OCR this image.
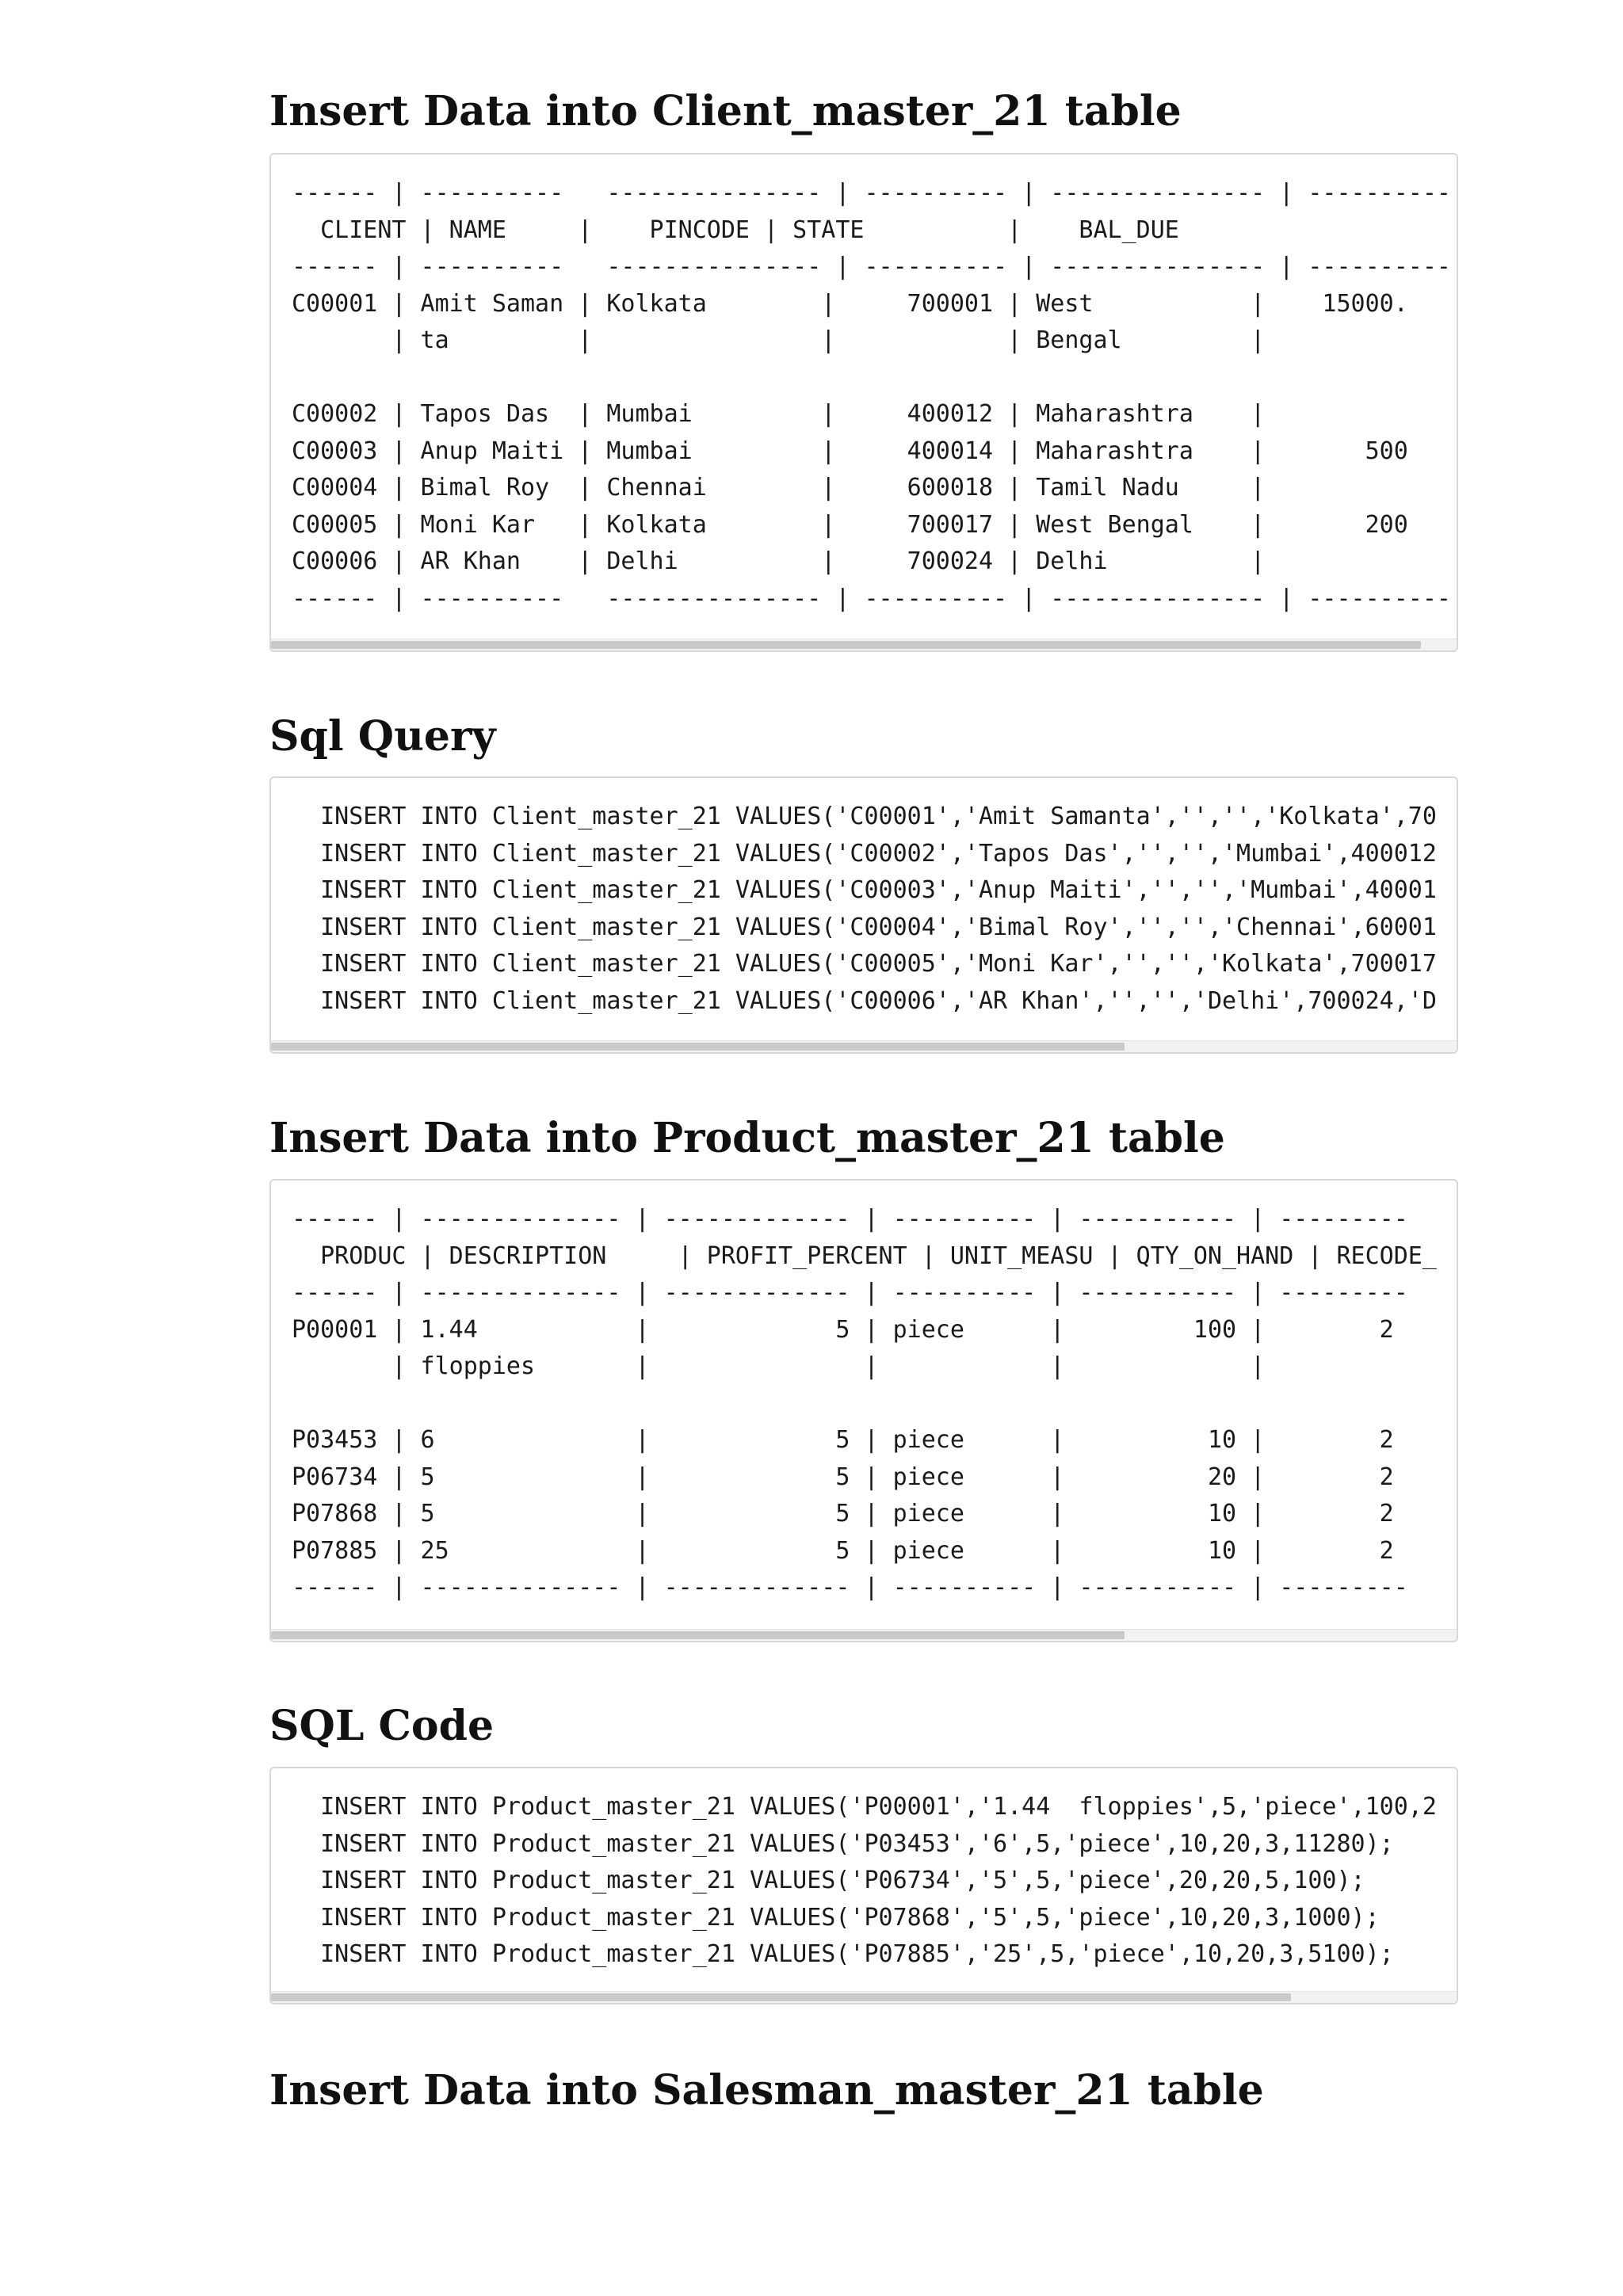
Insert Data into Client_master_21 table
------ | ----------   --------------- | ---------- | --------------- | ----------
CLIENT | NAME     |    PINCODE | STATE          |    BAL_DUE
------ | ----------   --------------- | ---------- | --------------- | ----------
C00001 | Amit Saman | Kolkata        |     700001 | West           |    15000.
| ta         |                |            | Bengal         |

C00002 | Tapos Das  | Mumbai         |     400012 | Maharashtra    |
C00003 | Anup Maiti | Mumbai         |     400014 | Maharashtra    |       500
C00004 | Bimal Roy  | Chennai        |     600018 | Tamil Nadu     |
C00005 | Moni Kar   | Kolkata        |     700017 | West Bengal    |       200
C00006 | AR Khan    | Delhi          |     700024 | Delhi          |
------ | ----------   --------------- | ---------- | --------------- | ----------
Sql Query
INSERT INTO Client_master_21 VALUES('C00001','Amit Samanta','','','Kolkata',70
INSERT INTO Client_master_21 VALUES('C00002','Tapos Das','','','Mumbai',400012
INSERT INTO Client_master_21 VALUES('C00003','Anup Maiti','','','Mumbai',40001
INSERT INTO Client_master_21 VALUES('C00004','Bimal Roy','','','Chennai',60001
INSERT INTO Client_master_21 VALUES('C00005','Moni Kar','','','Kolkata',700017
INSERT INTO Client_master_21 VALUES('C00006','AR Khan','','','Delhi',700024,'D
Insert Data into Product_master_21 table
------ | -------------- | ------------- | ---------- | ----------- | ---------
PRODUC | DESCRIPTION     | PROFIT_PERCENT | UNIT_MEASU | QTY_ON_HAND | RECODE_
------ | -------------- | ------------- | ---------- | ----------- | ---------
P00001 | 1.44           |             5 | piece      |         100 |        2
| floppies       |               |            |             |

P03453 | 6              |             5 | piece      |          10 |        2
P06734 | 5              |             5 | piece      |          20 |        2
P07868 | 5              |             5 | piece      |          10 |        2
P07885 | 25             |             5 | piece      |          10 |        2
------ | -------------- | ------------- | ---------- | ----------- | ---------
SQL Code
INSERT INTO Product_master_21 VALUES('P00001','1.44  floppies',5,'piece',100,2
INSERT INTO Product_master_21 VALUES('P03453','6',5,'piece',10,20,3,11280);
INSERT INTO Product_master_21 VALUES('P06734','5',5,'piece',20,20,5,100);
INSERT INTO Product_master_21 VALUES('P07868','5',5,'piece',10,20,3,1000);
INSERT INTO Product_master_21 VALUES('P07885','25',5,'piece',10,20,3,5100);
Insert Data into Salesman_master_21 table
